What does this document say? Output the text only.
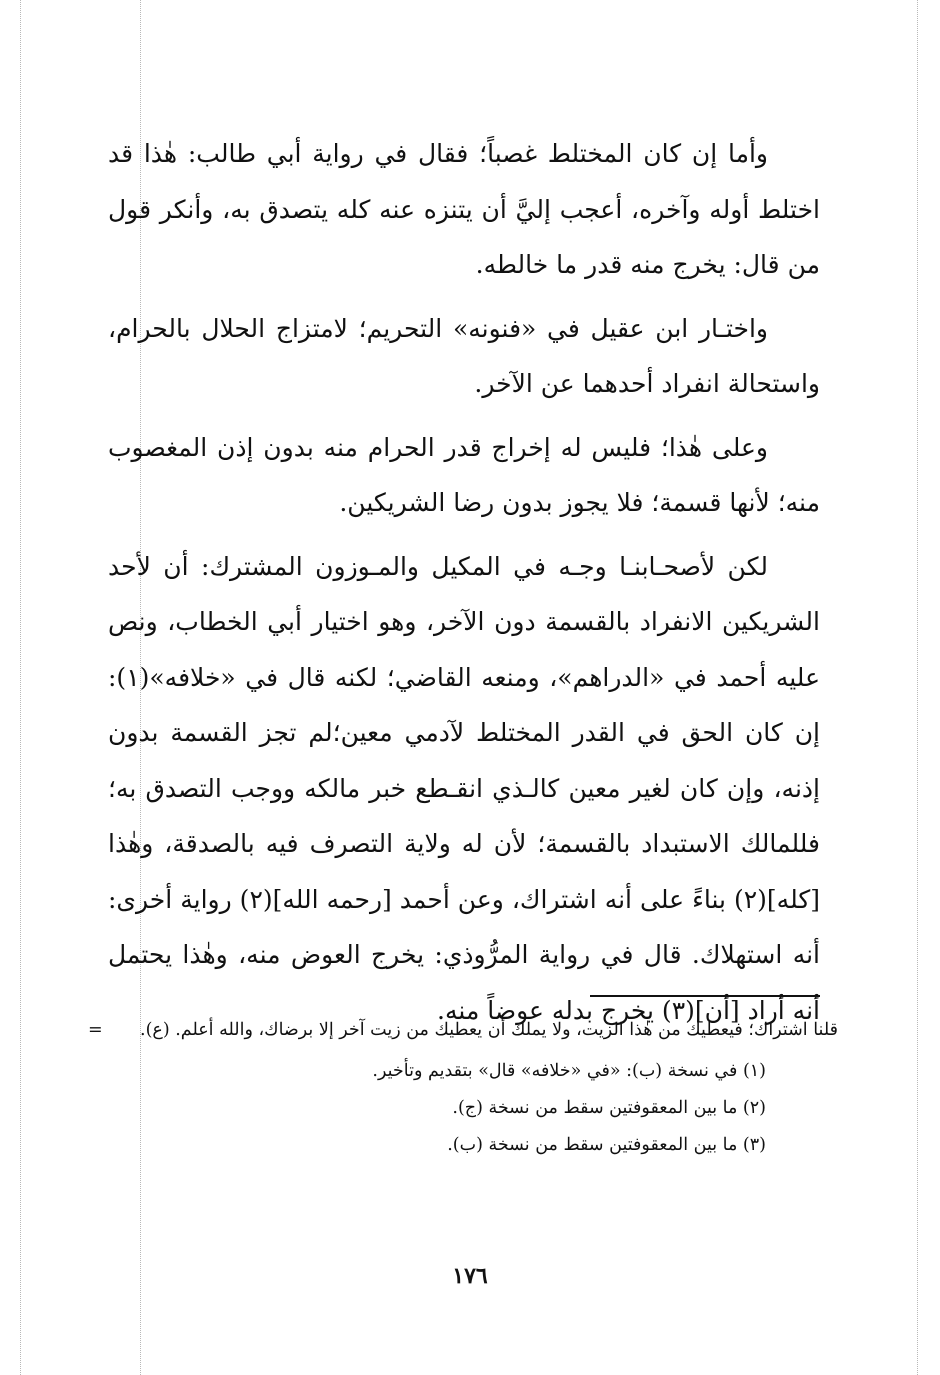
وأما إن كان المختلط غصباً؛ فقال في رواية أبي طالب: هٰذا قد اختلط أوله وآخره، أعجب إليَّ أن يتنزه عنه كله يتصدق به، وأنكر قول من قال: يخرج منه قدر ما خالطه.

واختـار ابن عقيل في «فنونه» التحريم؛ لامتزاج الحلال بالحرام، واستحالة انفراد أحدهما عن الآخر.

وعلى هٰذا؛ فليس له إخراج قدر الحرام منه بدون إذن المغصوب منه؛ لأنها قسمة؛ فلا يجوز بدون رضا الشريكين.

لكن لأصحـابنـا وجـه في المكيل والمـوزون المشترك: أن لأحد الشريكين الانفراد بالقسمة دون الآخر، وهو اختيار أبي الخطاب، ونص عليه أحمد في «الدراهم»، ومنعه القاضي؛ لكنه قال في «خلافه»(١): إن كان الحق في القدر المختلط لآدمي معين؛لم تجز القسمة بدون إذنه، وإن كان لغير معين كالـذي انقـطع خبر مالكه ووجب التصدق به؛ فللمالك الاستبداد بالقسمة؛ لأن له ولاية التصرف فيه بالصدقة، وهٰذا [كله](٢) بناءً على أنه اشتراك، وعن أحمد [رحمه الله](٢) رواية أخرى: أنه استهلاك. قال في رواية المرُّوذي: يخرج العوض منه، وهٰذا يحتمل أنه أراد [أن](٣) يخرج بدله عوضاً منه.

= قلنا اشتراك؛ فيعطيك من هٰذا الزيت، ولا يملك أن يعطيك من زيت آخر إلا برضاك، والله أعلم. (ع).

(١) في نسخة (ب): «في «خلافه» قال» بتقديم وتأخير.

(٢) ما بين المعقوفتين سقط من نسخة (ج).

(٣) ما بين المعقوفتين سقط من نسخة (ب).

١٧٦
